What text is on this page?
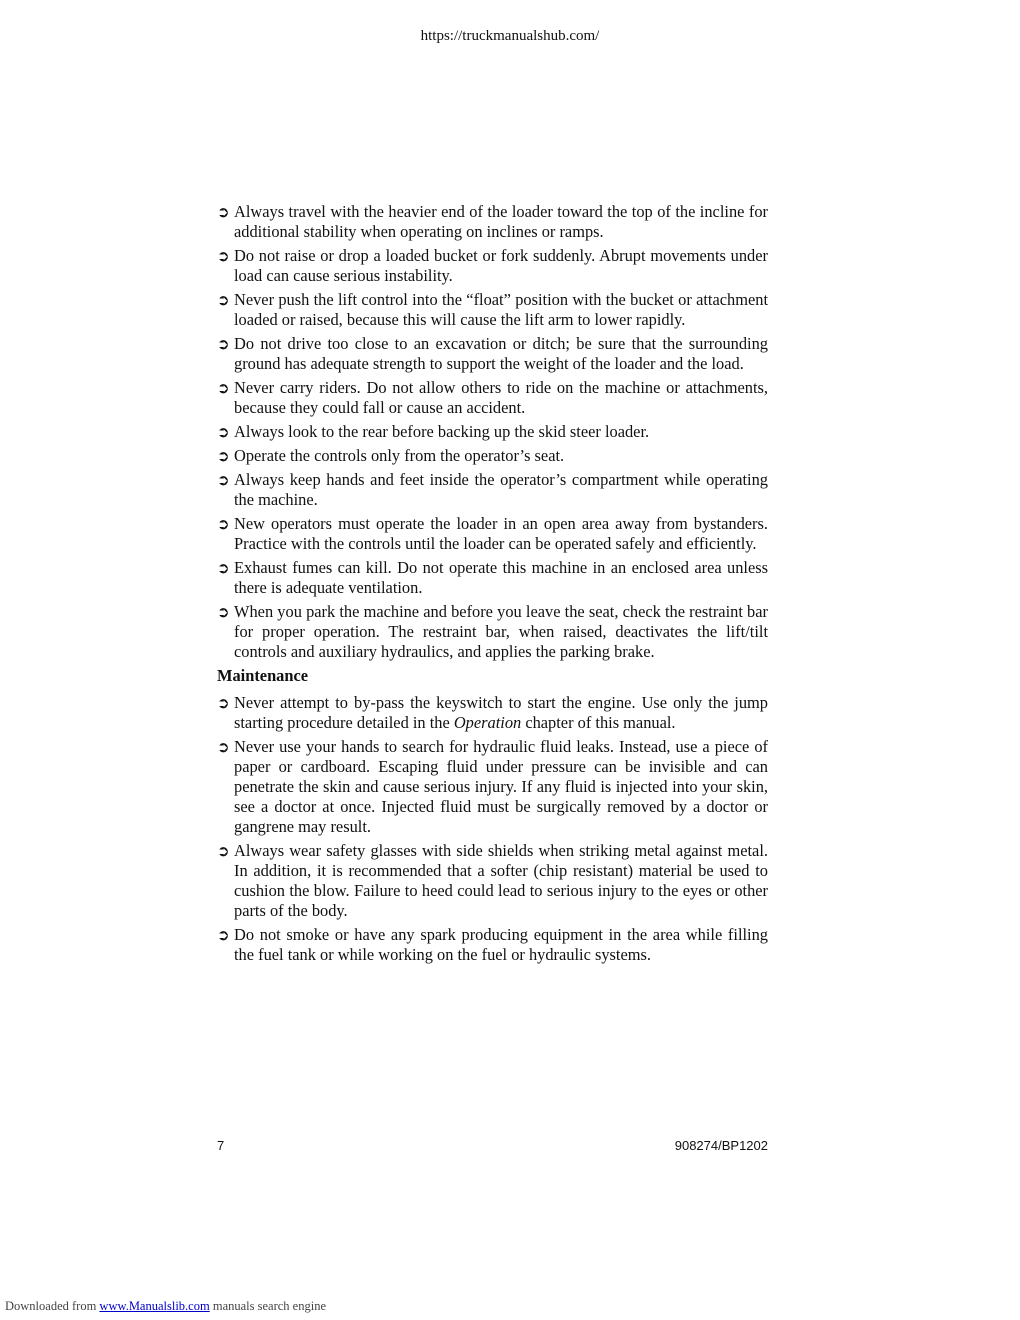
https://truckmanualshub.com/
➲ Always travel with the heavier end of the loader toward the top of the incline for additional stability when operating on inclines or ramps.
➲ Do not raise or drop a loaded bucket or fork suddenly. Abrupt movements under load can cause serious instability.
➲ Never push the lift control into the “float” position with the bucket or attachment loaded or raised, because this will cause the lift arm to lower rapidly.
➲ Do not drive too close to an excavation or ditch; be sure that the surrounding ground has adequate strength to support the weight of the loader and the load.
➲ Never carry riders. Do not allow others to ride on the machine or attachments, because they could fall or cause an accident.
➲ Always look to the rear before backing up the skid steer loader.
➲ Operate the controls only from the operator’s seat.
➲ Always keep hands and feet inside the operator’s compartment while operating the machine.
➲ New operators must operate the loader in an open area away from bystanders. Practice with the controls until the loader can be operated safely and efficiently.
➲ Exhaust fumes can kill. Do not operate this machine in an enclosed area unless there is adequate ventilation.
➲ When you park the machine and before you leave the seat, check the restraint bar for proper operation. The restraint bar, when raised, deactivates the lift/tilt controls and auxiliary hydraulics, and applies the parking brake.
Maintenance
➲ Never attempt to by-pass the keyswitch to start the engine. Use only the jump starting procedure detailed in the Operation chapter of this manual.
➲ Never use your hands to search for hydraulic fluid leaks. Instead, use a piece of paper or cardboard. Escaping fluid under pressure can be invisible and can penetrate the skin and cause serious injury. If any fluid is injected into your skin, see a doctor at once. Injected fluid must be surgically removed by a doctor or gangrene may result.
➲ Always wear safety glasses with side shields when striking metal against metal. In addition, it is recommended that a softer (chip resistant) material be used to cushion the blow. Failure to heed could lead to serious injury to the eyes or other parts of the body.
➲ Do not smoke or have any spark producing equipment in the area while filling the fuel tank or while working on the fuel or hydraulic systems.
7	908274/BP1202
Downloaded from www.Manualslib.com manuals search engine
